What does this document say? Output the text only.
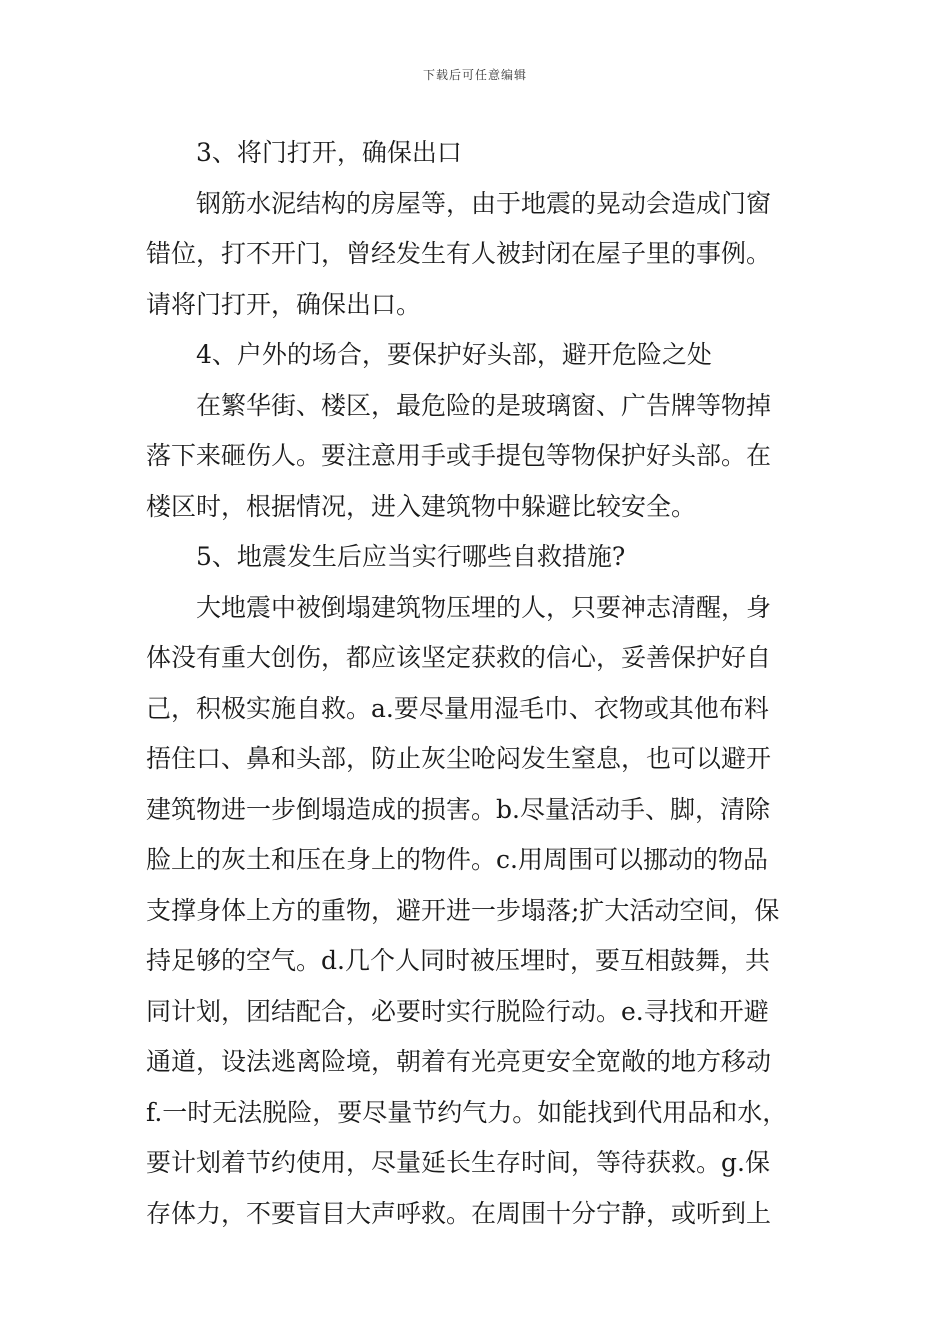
下载后可任意编辑
3、将门打开，确保出口
钢筋水泥结构的房屋等，由于地震的晃动会造成门窗
错位，打不开门，曾经发生有人被封闭在屋子里的事例。
请将门打开，确保出口。
4、户外的场合，要保护好头部，避开危险之处
在繁华街、楼区，最危险的是玻璃窗、广告牌等物掉
落下来砸伤人。要注意用手或手提包等物保护好头部。在
楼区时，根据情况，进入建筑物中躲避比较安全。
5、地震发生后应当实行哪些自救措施?
大地震中被倒塌建筑物压埋的人，只要神志清醒，身
体没有重大创伤，都应该坚定获救的信心，妥善保护好自
己，积极实施自救。a.要尽量用湿毛巾、衣物或其他布料
捂住口、鼻和头部，防止灰尘呛闷发生窒息，也可以避开
建筑物进一步倒塌造成的损害。b.尽量活动手、脚，清除
脸上的灰土和压在身上的物件。c.用周围可以挪动的物品
支撑身体上方的重物，避开进一步塌落;扩大活动空间，保
持足够的空气。d.几个人同时被压埋时，要互相鼓舞，共
同计划，团结配合，必要时实行脱险行动。e.寻找和开避
通道，设法逃离险境，朝着有光亮更安全宽敞的地方移动
f.一时无法脱险，要尽量节约气力。如能找到代用品和水，
要计划着节约使用，尽量延长生存时间，等待获救。g.保
存体力，不要盲目大声呼救。在周围十分宁静，或听到上
